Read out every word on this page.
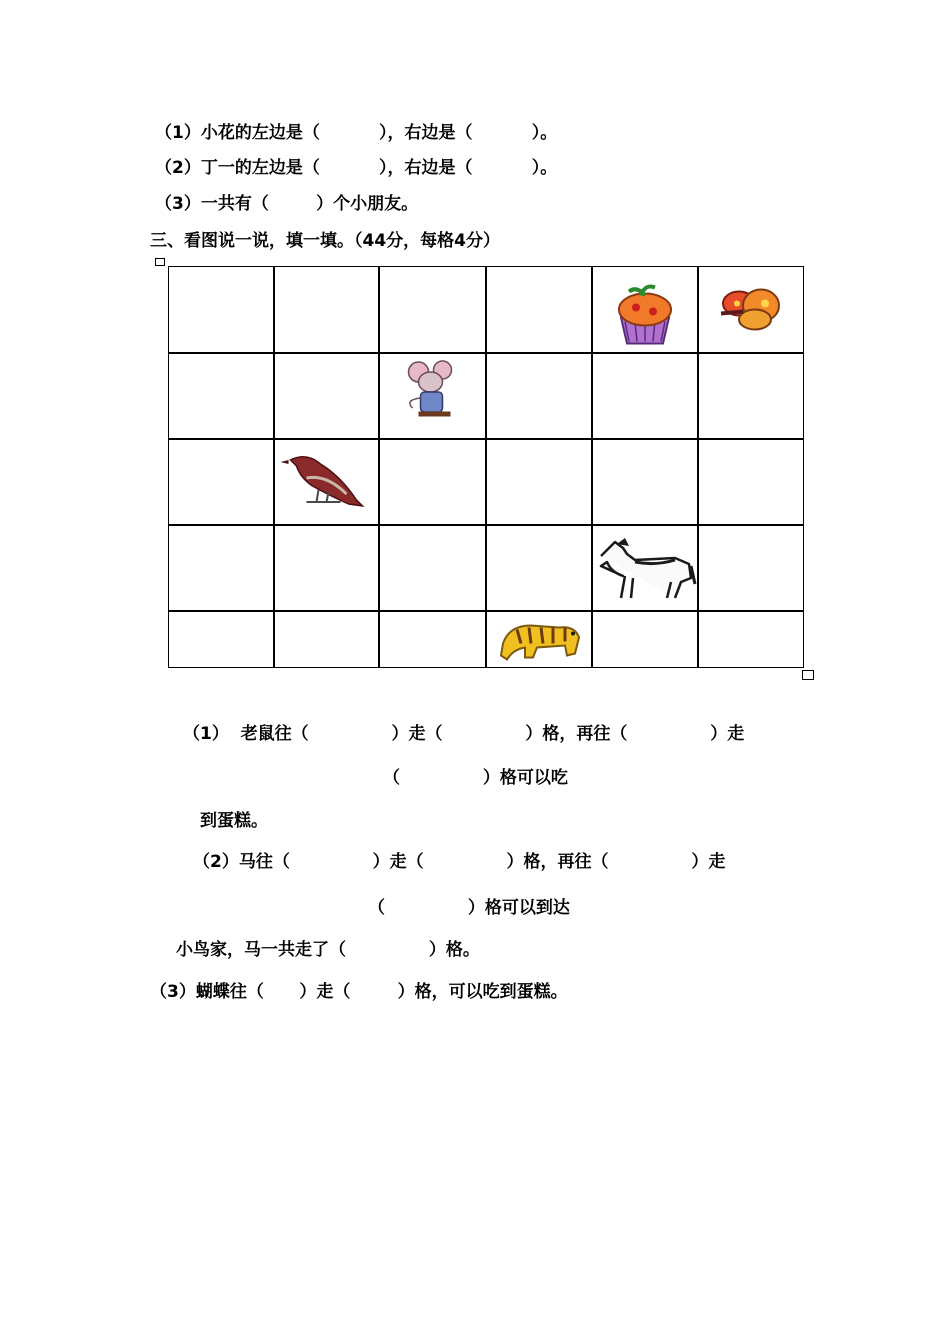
（1）小花的左边是（          ），右边是（          ）。
（2）丁一的左边是（          ），右边是（          ）。
（3）一共有（        ）个小朋友。
三、看图说一说，填一填。（44分，每格4分）
（1）  老鼠往（              ）走（              ）格，再往（              ）走
（              ）格可以吃
到蛋糕。
（2）马往（              ）走（              ）格，再往（              ）走
（              ）格可以到达
小鸟家，马一共走了（              ）格。
（3）蝴蝶往（      ）走（        ）格，可以吃到蛋糕。
